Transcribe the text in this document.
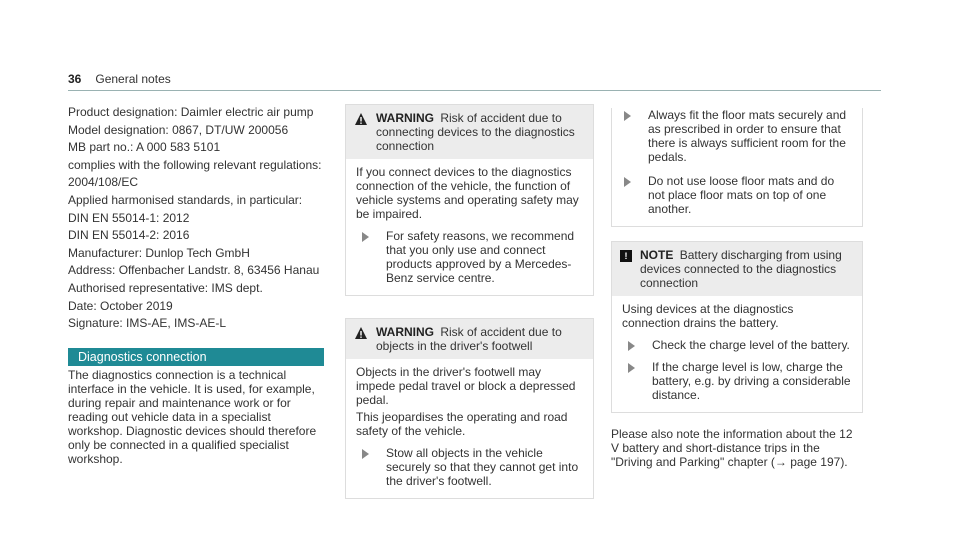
36 General notes

Product designation: Daimler electric air pump

Model designation: 0867, DT/UW 200056

MB part no.: A 000 583 5101

complies with the following relevant regulations:

2004/108/EC

Applied harmonised standards, in particular:

DIN EN 55014-1: 2012

DIN EN 55014-2: 2016

Manufacturer: Dunlop Tech GmbH

Address: Offenbacher Landstr. 8, 63456 Hanau

Authorised representative: IMS dept.

Date: October 2019

Signature: IMS-AE, IMS-AE-L

Diagnostics connection

The diagnostics connection is a technical interface in the vehicle. It is used, for example, during repair and maintenance work or for reading out vehicle data in a specialist workshop. Diagnostic devices should therefore only be connected in a qualified specialist workshop.

WARNING Risk of accident due to connecting devices to the diagnostics connection

If you connect devices to the diagnostics connection of the vehicle, the function of vehicle systems and operating safety may be impaired.

For safety reasons, we recommend that you only use and connect products approved by a Mercedes-Benz service centre.
WARNING Risk of accident due to objects in the driver's footwell

Objects in the driver's footwell may impede pedal travel or block a depressed pedal.

This jeopardises the operating and road safety of the vehicle.

Stow all objects in the vehicle securely so that they cannot get into the driver's footwell.
Always fit the floor mats securely and as prescribed in order to ensure that there is always sufficient room for the pedals.
Do not use loose floor mats and do not place floor mats on top of one another.
!	NOTE Battery discharging from using devices connected to the diagnostics connection

Using devices at the diagnostics connection drains the battery.

Check the charge level of the battery.
If the charge level is low, charge the battery, e.g. by driving a considerable distance.

Please also note the information about the 12 V battery and short-distance trips in the "Driving and Parking" chapter (→ page 197).
